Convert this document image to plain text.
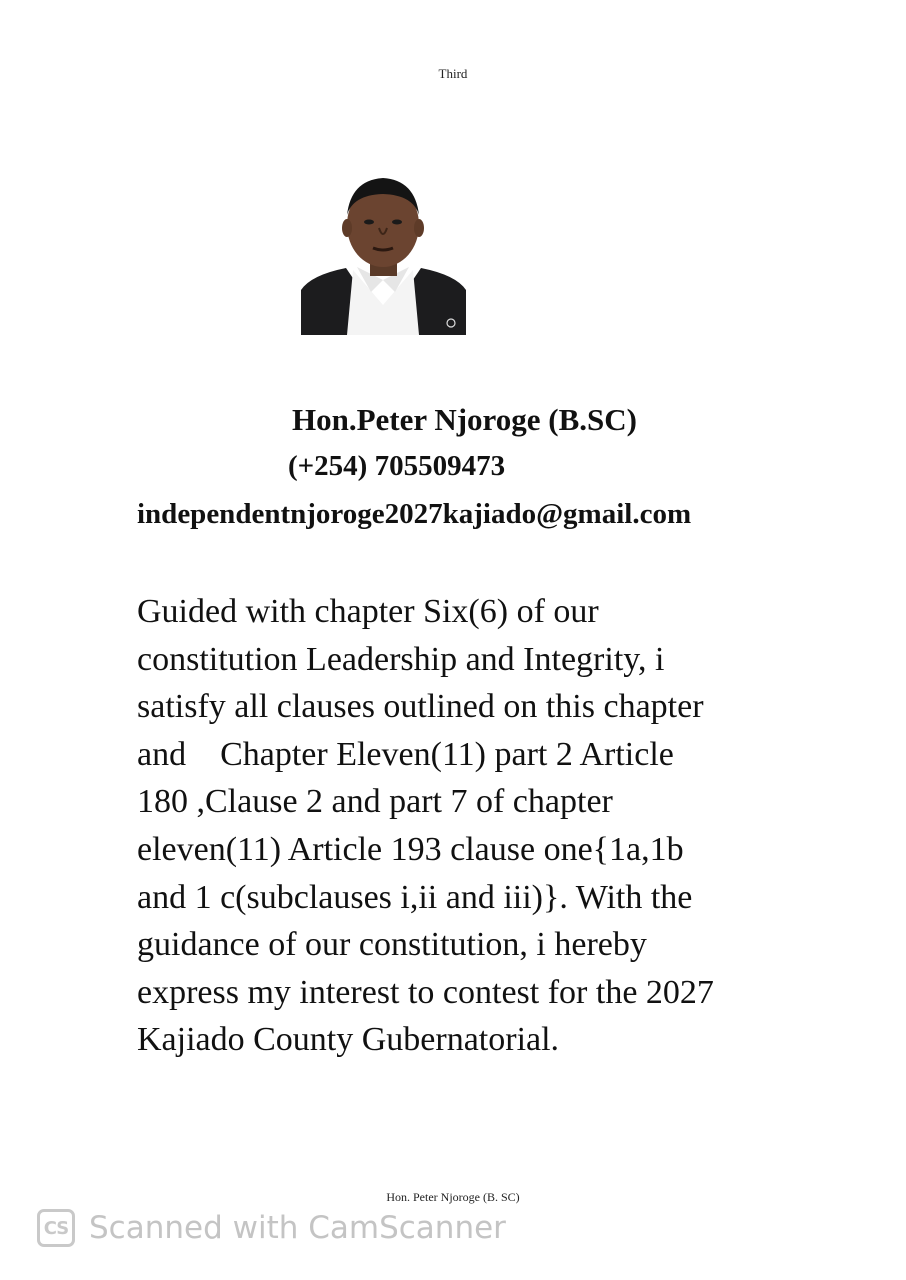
Third
Hon.Peter Njoroge (B.SC)
(+254) 705509473
independentnjoroge2027kajiado@gmail.com
Guided with chapter Six(6) of our
constitution Leadership and Integrity, i
satisfy all clauses outlined on this chapter
and    Chapter Eleven(11) part 2 Article
180 ,Clause 2 and part 7 of chapter
eleven(11) Article 193 clause one{1a,1b
and 1 c(subclauses i,ii and iii)}. With the
guidance of our constitution, i hereby
express my interest to contest for the 2027
Kajiado County Gubernatorial.
Hon. Peter Njoroge (B. SC)
CS Scanned with CamScanner
